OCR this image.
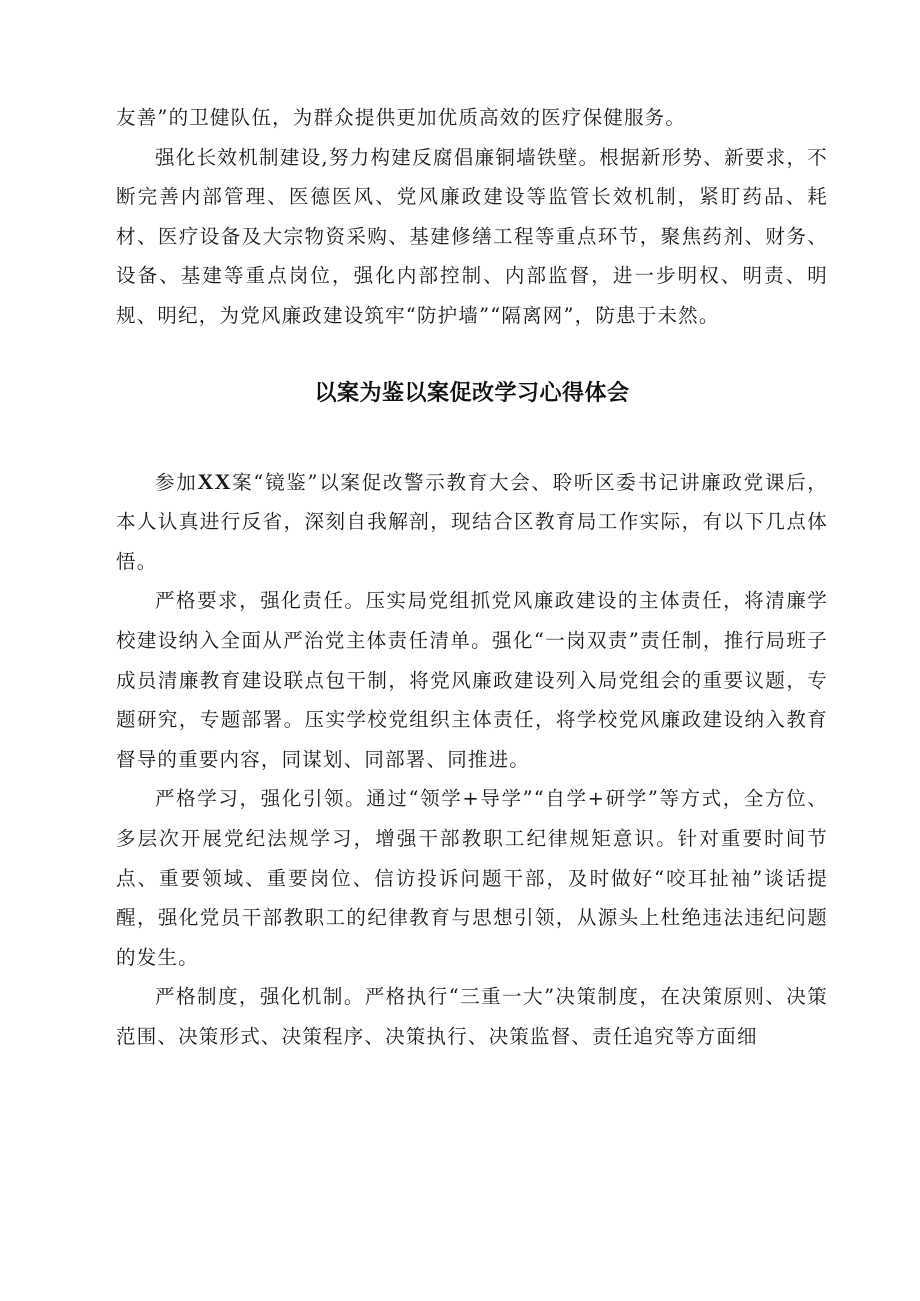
友善”的卫健队伍，为群众提供更加优质高效的医疗保健服务。

强化长效机制建设,努力构建反腐倡廉铜墙铁壁。根据新形势、新要求，不断完善内部管理、医德医风、党风廉政建设等监管长效机制，紧盯药品、耗材、医疗设备及大宗物资采购、基建修缮工程等重点环节，聚焦药剂、财务、设备、基建等重点岗位，强化内部控制、内部监督，进一步明权、明责、明规、明纪，为党风廉政建设筑牢“防护墙”“隔离网”，防患于未然。

以案为鉴以案促改学习心得体会

参加XX案“镜鉴”以案促改警示教育大会、聆听区委书记讲廉政党课后，本人认真进行反省，深刻自我解剖，现结合区教育局工作实际，有以下几点体悟。

严格要求，强化责任。压实局党组抓党风廉政建设的主体责任，将清廉学校建设纳入全面从严治党主体责任清单。强化“一岗双责”责任制，推行局班子成员清廉教育建设联点包干制，将党风廉政建设列入局党组会的重要议题，专题研究，专题部署。压实学校党组织主体责任，将学校党风廉政建设纳入教育督导的重要内容，同谋划、同部署、同推进。

严格学习，强化引领。通过“领学+导学”“自学+研学”等方式，全方位、多层次开展党纪法规学习，增强干部教职工纪律规矩意识。针对重要时间节点、重要领域、重要岗位、信访投诉问题干部，及时做好“咬耳扯袖”谈话提醒，强化党员干部教职工的纪律教育与思想引领，从源头上杜绝违法违纪问题的发生。

严格制度，强化机制。严格执行“三重一大”决策制度，在决策原则、决策范围、决策形式、决策程序、决策执行、决策监督、责任追究等方面细
